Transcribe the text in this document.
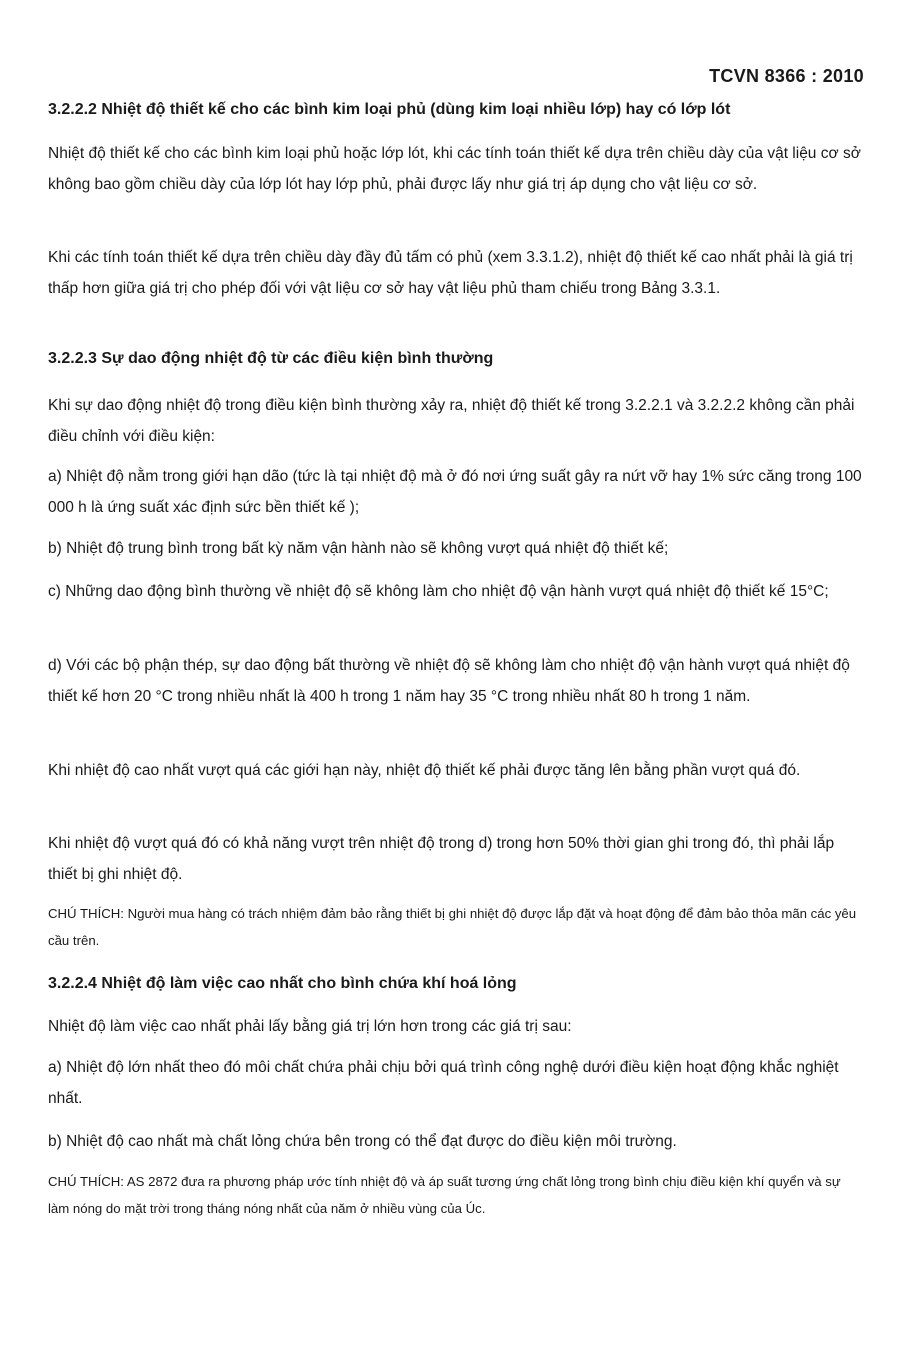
TCVN 8366 : 2010
3.2.2.2 Nhiệt độ thiết kế cho các bình kim loại phủ (dùng kim loại nhiều lớp) hay có lớp lót
Nhiệt độ thiết kế cho các bình kim loại phủ hoặc lớp lót, khi các tính toán thiết kế dựa trên chiều dày của vật liệu cơ sở không bao gồm chiều dày của lớp lót hay lớp phủ, phải được lấy như giá trị áp dụng cho vật liệu cơ sở.
Khi các tính toán thiết kế dựa trên chiều dày đầy đủ tấm có phủ (xem 3.3.1.2), nhiệt độ thiết kế cao nhất phải là giá trị thấp hơn giữa giá trị cho phép đối với vật liệu cơ sở hay vật liệu phủ tham chiếu trong Bảng 3.3.1.
3.2.2.3 Sự dao động nhiệt độ từ các điều kiện bình thường
Khi sự dao động nhiệt độ trong điều kiện bình thường xảy ra, nhiệt độ thiết kế trong 3.2.2.1 và 3.2.2.2 không cần phải điều chỉnh với điều kiện:
a) Nhiệt độ nằm trong giới hạn dão (tức là tại nhiệt độ mà ở đó nơi ứng suất gây ra nứt vỡ hay 1% sức căng trong 100 000 h là ứng suất xác định sức bền thiết kế );
b) Nhiệt độ trung bình trong bất kỳ năm vận hành nào sẽ không vượt quá nhiệt độ thiết kế;
c) Những dao động bình thường về nhiệt độ sẽ không làm cho nhiệt độ vận hành vượt quá nhiệt độ thiết kế 15°C;
d) Với các bộ phận thép, sự dao động bất thường về nhiệt độ sẽ không làm cho nhiệt độ vận hành vượt quá nhiệt độ thiết kế hơn 20 °C trong nhiều nhất là 400 h trong 1 năm hay 35 °C trong nhiều nhất 80 h trong 1 năm.
Khi nhiệt độ cao nhất vượt quá các giới hạn này, nhiệt độ thiết kế phải được tăng lên bằng phần vượt quá đó.
Khi nhiệt độ vượt quá đó có khả năng vượt trên nhiệt độ trong d) trong hơn 50% thời gian ghi trong đó, thì phải lắp thiết bị ghi nhiệt độ.
CHÚ THÍCH: Người mua hàng có trách nhiệm đảm bảo rằng thiết bị ghi nhiệt độ được lắp đặt và hoạt động để đảm bảo thỏa mãn các yêu cầu trên.
3.2.2.4 Nhiệt độ làm việc cao nhất cho bình chứa khí hoá lỏng
Nhiệt độ làm việc cao nhất phải lấy bằng giá trị lớn hơn trong các giá trị sau:
a) Nhiệt độ lớn nhất theo đó môi chất chứa phải chịu bởi quá trình công nghệ dưới điều kiện hoạt động khắc nghiệt nhất.
b) Nhiệt độ cao nhất mà chất lỏng chứa bên trong có thể đạt được do điều kiện môi trường.
CHÚ THÍCH: AS 2872 đưa ra phương pháp ước tính nhiệt độ và áp suất tương ứng chất lỏng trong bình chịu điều kiện khí quyển và sự làm nóng do mặt trời trong tháng nóng nhất của năm ở nhiều vùng của Úc.
